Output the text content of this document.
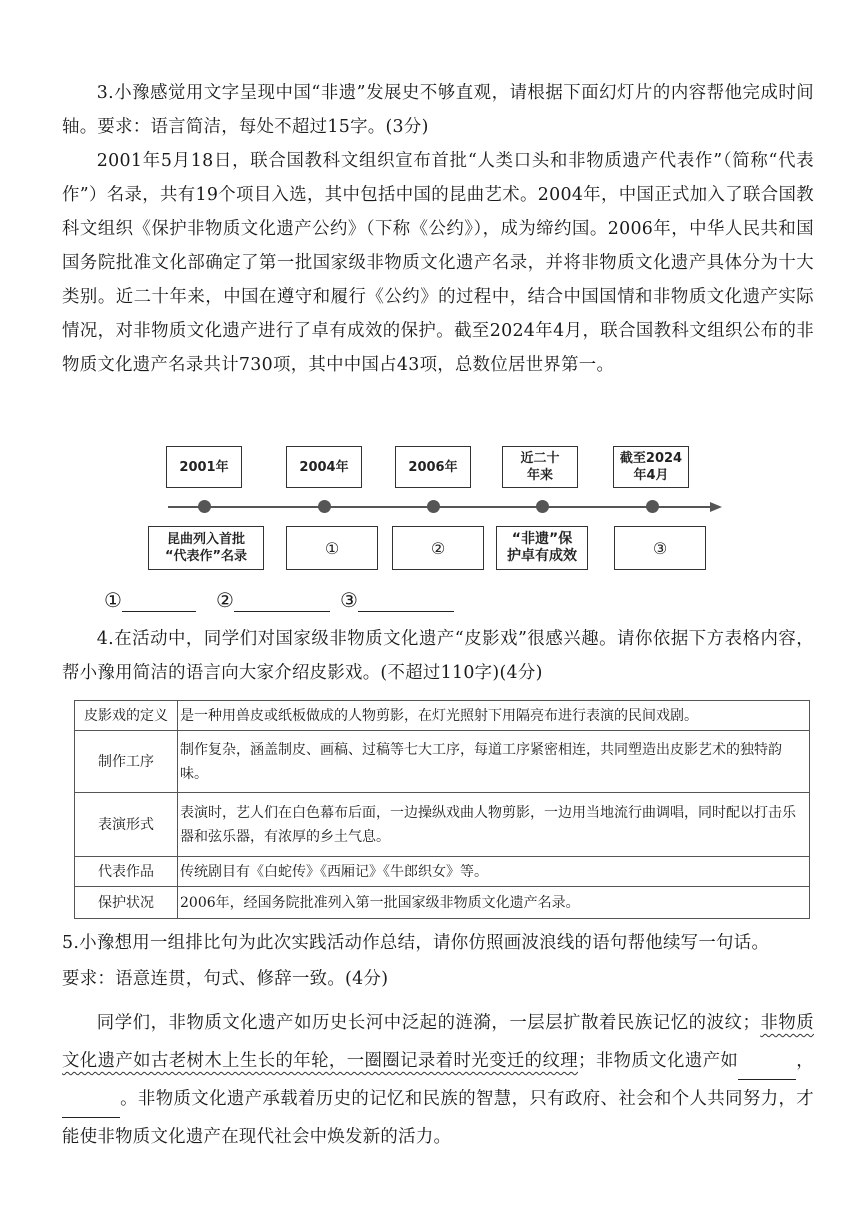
3.小豫感觉用文字呈现中国“非遗”发展史不够直观，请根据下面幻灯片的内容帮他完成时间轴。要求：语言简洁，每处不超过15字。(3分)

2001年5月18日，联合国教科文组织宣布首批“人类口头和非物质遗产代表作”（简称“代表作”）名录，共有19个项目入选，其中包括中国的昆曲艺术。2004年，中国正式加入了联合国教科文组织《保护非物质文化遗产公约》（下称《公约》），成为缔约国。2006年，中华人民共和国国务院批准文化部确定了第一批国家级非物质文化遗产名录，并将非物质文化遗产具体分为十大类别。近二十年来，中国在遵守和履行《公约》的过程中，结合中国国情和非物质文化遗产实际情况，对非物质文化遗产进行了卓有成效的保护。截至2024年4月，联合国教科文组织公布的非物质文化遗产名录共计730项，其中中国占43项，总数位居世界第一。

2001年	2004年	2006年
近二十
年来
截至2024
年4月
昆曲列入首批
“代表作”名录	①	②	“非遗”保
护卓有成效	③
①	②	③

4.在活动中，同学们对国家级非物质文化遗产“皮影戏”很感兴趣。请你依据下方表格内容，帮小豫用简洁的语言向大家介绍皮影戏。(不超过110字)(4分)

皮影戏的定义	是一种用兽皮或纸板做成的人物剪影，在灯光照射下用隔亮布进行表演的民间戏剧。
制作工序	制作复杂，涵盖制皮、画稿、过稿等七大工序，每道工序紧密相连，共同塑造出皮影艺术的独特韵味。
表演形式	表演时，艺人们在白色幕布后面，一边操纵戏曲人物剪影，一边用当地流行曲调唱，同时配以打击乐器和弦乐器，有浓厚的乡土气息。
代表作品	传统剧目有《白蛇传》《西厢记》《牛郎织女》等。
保护状况	2006年，经国务院批准列入第一批国家级非物质文化遗产名录。

5.小豫想用一组排比句为此次实践活动作总结，请你仿照画波浪线的语句帮他续写一句话。

要求：语意连贯，句式、修辞一致。(4分)

同学们，非物质文化遗产如历史长河中泛起的涟漪，一层层扩散着民族记忆的波纹；非物质文化遗产如古老树木上生长的年轮，一圈圈记录着时光变迁的纹理；非物质文化遗产如	，。非物质文化遗产承载着历史的记忆和民族的智慧，只有政府、社会和个人共同努力，才能使非物质文化遗产在现代社会中焕发新的活力。
